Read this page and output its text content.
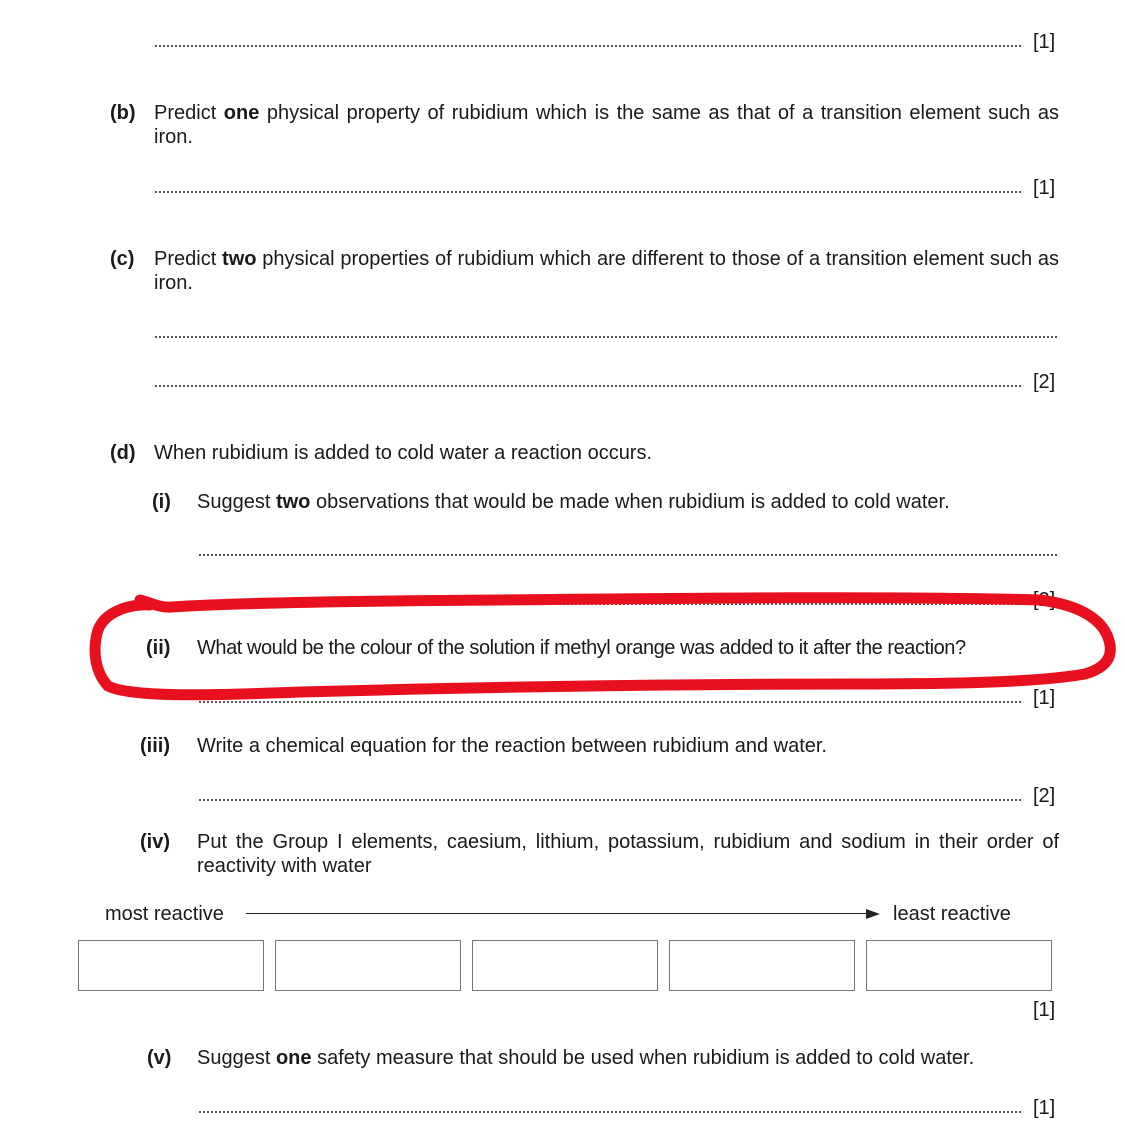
[1]
(b) Predict one physical property of rubidium which is the same as that of a transition element such as iron.
[1]
(c) Predict two physical properties of rubidium which are different to those of a transition element such as iron.
[2]
(d) When rubidium is added to cold water a reaction occurs.
(i) Suggest two observations that would be made when rubidium is added to cold water.
[2]
(ii) What would be the colour of the solution if methyl orange was added to it after the reaction?
[1]
(iii) Write a chemical equation for the reaction between rubidium and water.
[2]
(iv) Put the Group I elements, caesium, lithium, potassium, rubidium and sodium in their order of reactivity with water
most reactive	least reactive
[1]
(v) Suggest one safety measure that should be used when rubidium is added to cold water.
[1]
